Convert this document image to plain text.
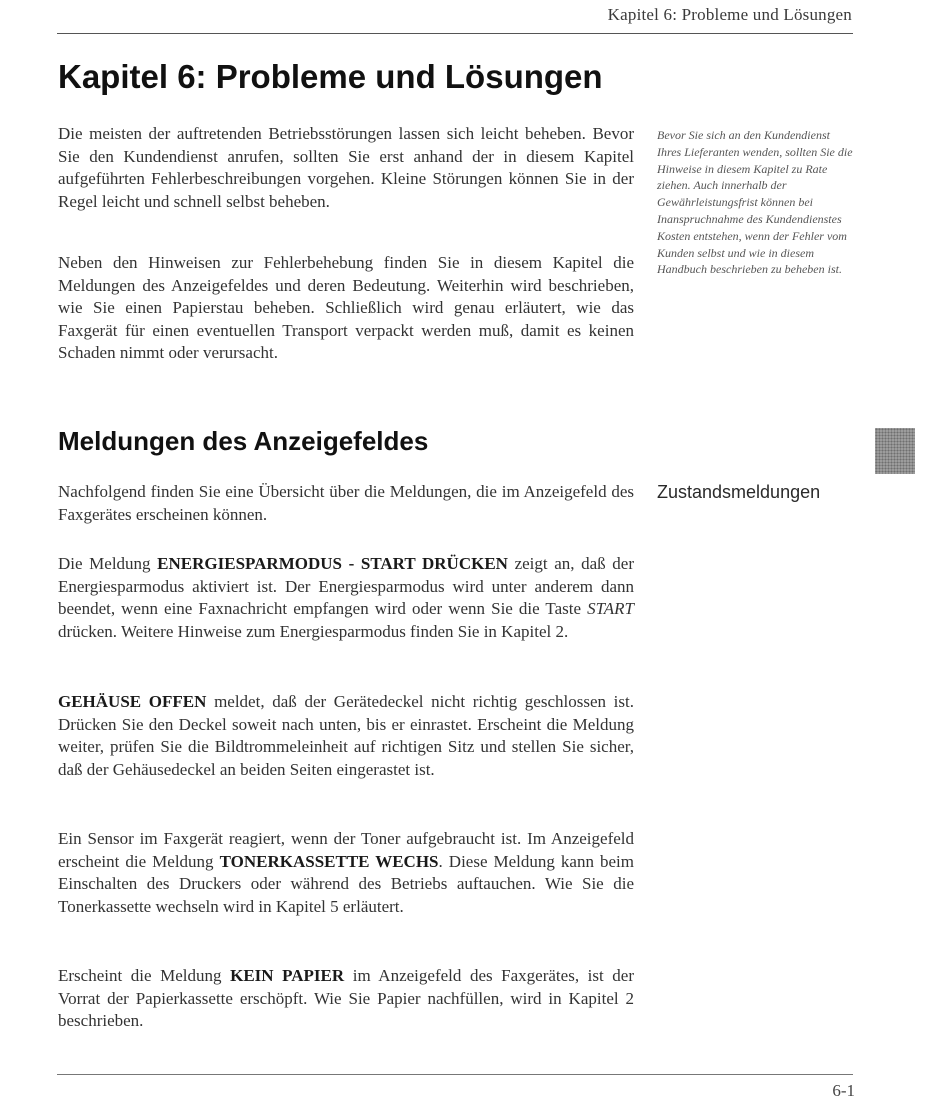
Kapitel 6: Probleme und Lösungen
Kapitel 6: Probleme und Lösungen

Die meisten der auftretenden Betriebsstörungen lassen sich leicht beheben. Bevor Sie den Kundendienst anrufen, sollten Sie erst anhand der in diesem Kapitel aufgeführten Fehlerbeschreibungen vorgehen. Kleine Störungen können Sie in der Regel leicht und schnell selbst beheben.

Neben den Hinweisen zur Fehlerbehebung finden Sie in diesem Kapitel die Meldungen des Anzeigefeldes und deren Bedeutung. Weiterhin wird beschrieben, wie Sie einen Papierstau beheben. Schließlich wird genau erläutert, wie das Faxgerät für einen eventuellen Transport verpackt werden muß, damit es keinen Schaden nimmt oder verursacht.

Bevor Sie sich an den Kundendienst Ihres Lieferanten wenden, sollten Sie die Hinweise in diesem Kapitel zu Rate ziehen. Auch innerhalb der Gewährleistungsfrist können bei Inanspruchnahme des Kundendienstes Kosten entstehen, wenn der Fehler vom Kunden selbst und wie in diesem Handbuch beschrieben zu beheben ist.
Meldungen des Anzeigefeldes
Zustandsmeldungen

Nachfolgend finden Sie eine Übersicht über die Meldungen, die im Anzeigefeld des Faxgerätes erscheinen können.

Die Meldung ENERGIESPARMODUS - START DRÜCKEN zeigt an, daß der Energiesparmodus aktiviert ist. Der Energiesparmodus wird unter anderem dann beendet, wenn eine Faxnachricht empfangen wird oder wenn Sie die Taste START drücken. Weitere Hinweise zum Energiesparmodus finden Sie in Kapitel 2.

GEHÄUSE OFFEN meldet, daß der Gerätedeckel nicht richtig geschlossen ist. Drücken Sie den Deckel soweit nach unten, bis er einrastet. Erscheint die Meldung weiter, prüfen Sie die Bildtrommeleinheit auf richtigen Sitz und stellen Sie sicher, daß der Gehäusedeckel an beiden Seiten eingerastet ist.

Ein Sensor im Faxgerät reagiert, wenn der Toner aufgebraucht ist. Im Anzeigefeld erscheint die Meldung TONERKASSETTE WECHS. Diese Meldung kann beim Einschalten des Druckers oder während des Betriebs auftauchen. Wie Sie die Tonerkassette wechseln wird in Kapitel 5 erläutert.

Erscheint die Meldung KEIN PAPIER im Anzeigefeld des Faxgerätes, ist der Vorrat der Papierkassette erschöpft. Wie Sie Papier nachfüllen, wird in Kapitel 2 beschrieben.

6-1
